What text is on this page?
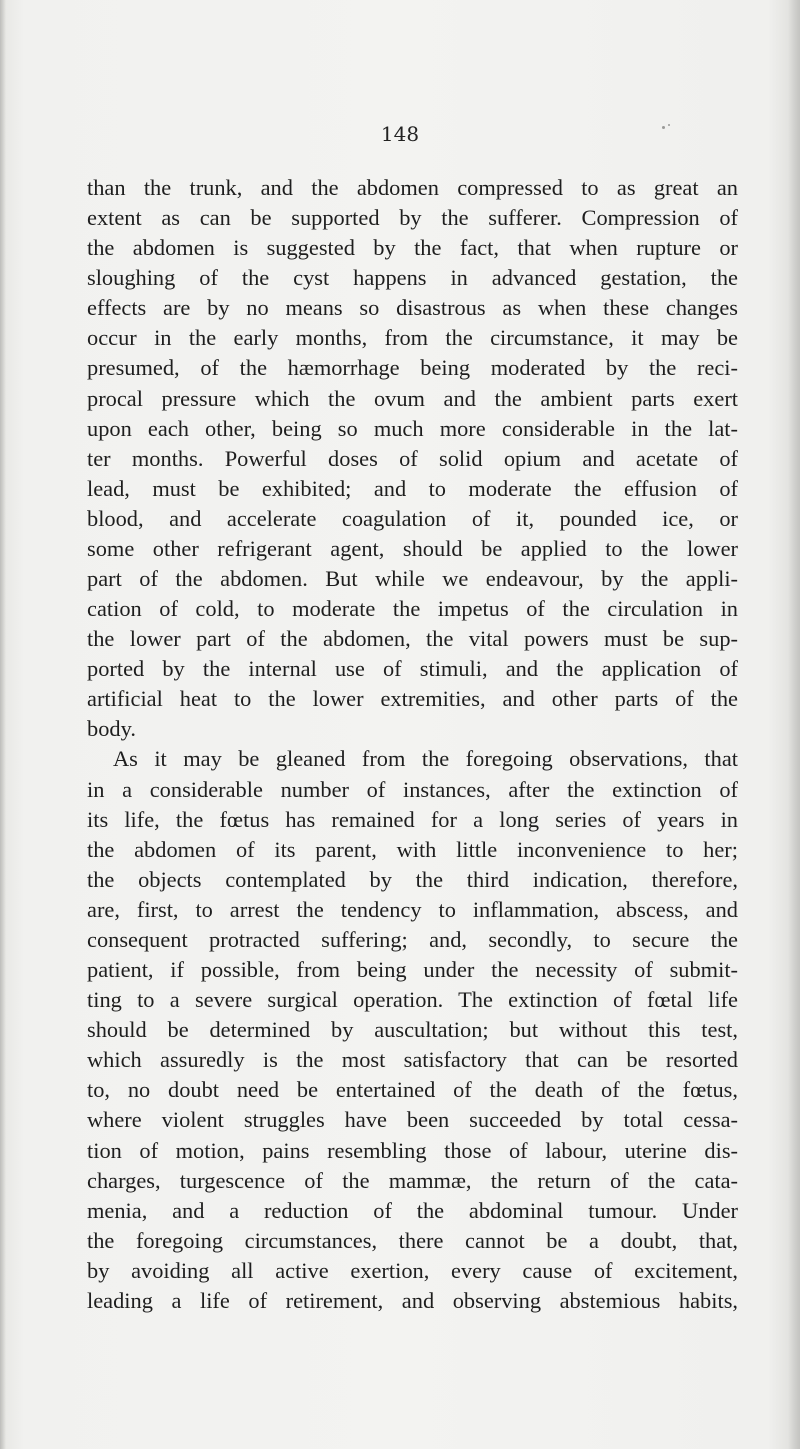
148
than the trunk, and the abdomen compressed to as great an
extent as can be supported by the sufferer. Compression of
the abdomen is suggested by the fact, that when rupture or
sloughing of the cyst happens in advanced gestation, the
effects are by no means so disastrous as when these changes
occur in the early months, from the circumstance, it may be
presumed, of the hæmorrhage being moderated by the reci-
procal pressure which the ovum and the ambient parts exert
upon each other, being so much more considerable in the lat-
ter months. Powerful doses of solid opium and acetate of
lead, must be exhibited; and to moderate the effusion of
blood, and accelerate coagulation of it, pounded ice, or
some other refrigerant agent, should be applied to the lower
part of the abdomen. But while we endeavour, by the appli-
cation of cold, to moderate the impetus of the circulation in
the lower part of the abdomen, the vital powers must be sup-
ported by the internal use of stimuli, and the application of
artificial heat to the lower extremities, and other parts of the
body.
As it may be gleaned from the foregoing observations, that
in a considerable number of instances, after the extinction of
its life, the fœtus has remained for a long series of years in
the abdomen of its parent, with little inconvenience to her;
the objects contemplated by the third indication, therefore,
are, first, to arrest the tendency to inflammation, abscess, and
consequent protracted suffering; and, secondly, to secure the
patient, if possible, from being under the necessity of submit-
ting to a severe surgical operation. The extinction of fœtal life
should be determined by auscultation; but without this test,
which assuredly is the most satisfactory that can be resorted
to, no doubt need be entertained of the death of the fœtus,
where violent struggles have been succeeded by total cessa-
tion of motion, pains resembling those of labour, uterine dis-
charges, turgescence of the mammæ, the return of the cata-
menia, and a reduction of the abdominal tumour. Under
the foregoing circumstances, there cannot be a doubt, that,
by avoiding all active exertion, every cause of excitement,
leading a life of retirement, and observing abstemious habits,
